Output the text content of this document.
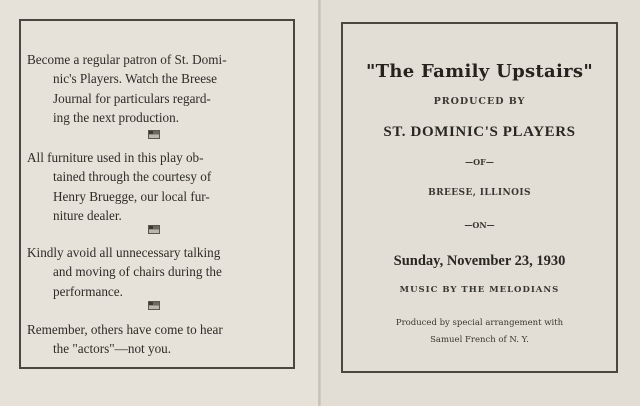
Become a regular patron of St. Domi-
nic's Players. Watch the Breese
Journal for particulars regard-
ing the next production.
All furniture used in this play ob-
tained through the courtesy of
Henry Bruegge, our local fur-
niture dealer.
Kindly avoid all unnecessary talking
and moving of chairs during the
performance.
Remember, others have come to hear
the "actors"—not you.
"The Family Upstairs"
PRODUCED BY
ST. DOMINIC'S PLAYERS
—OF—
BREESE, ILLINOIS
—ON—
Sunday, November 23, 1930
MUSIC BY THE MELODIANS
Produced by special arrangement with
Samuel French of N. Y.
